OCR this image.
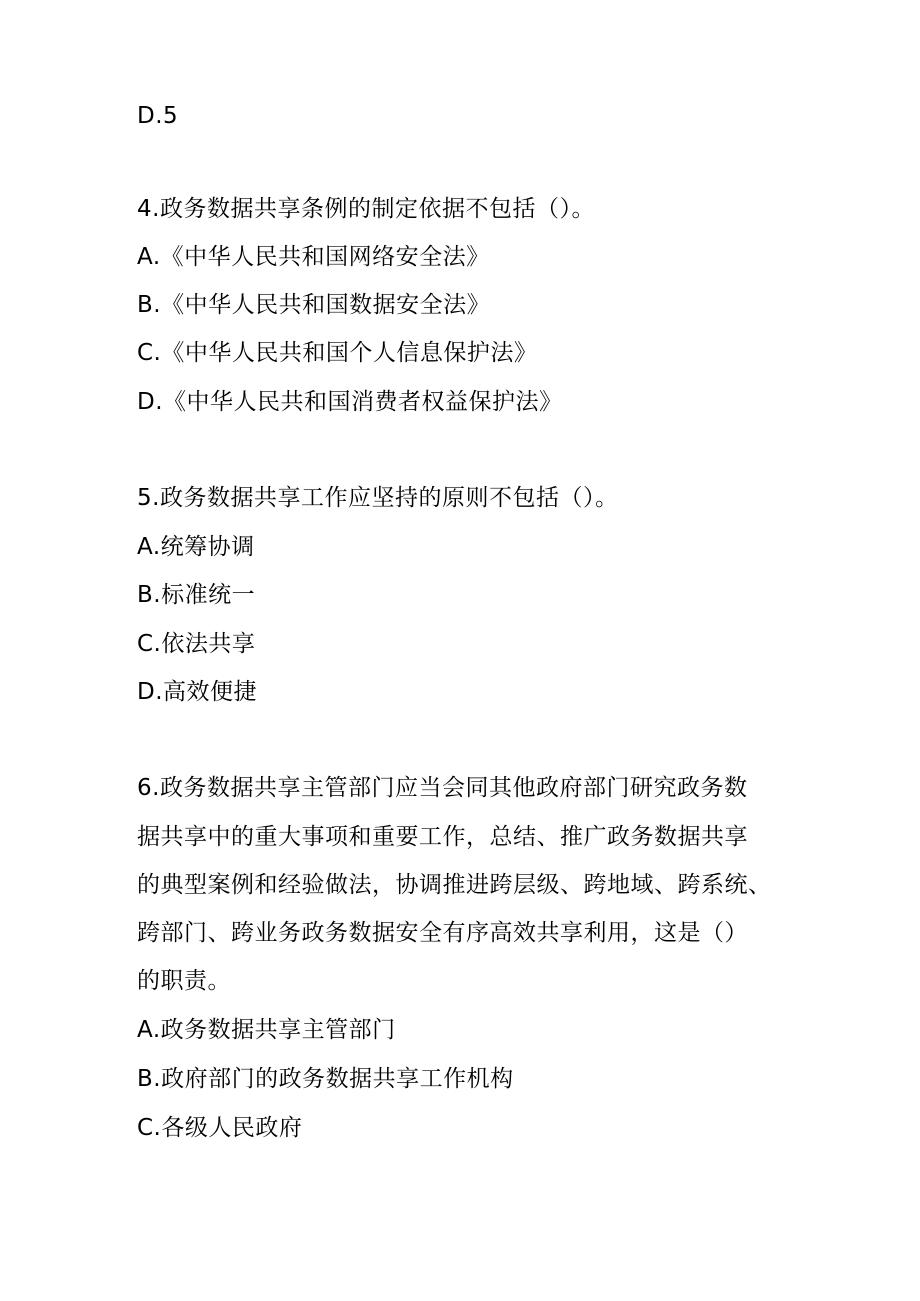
D.5
4.政务数据共享条例的制定依据不包括（）。
A.《中华人民共和国网络安全法》
B.《中华人民共和国数据安全法》
C.《中华人民共和国个人信息保护法》
D.《中华人民共和国消费者权益保护法》
5.政务数据共享工作应坚持的原则不包括（）。
A.统筹协调
B.标准统一
C.依法共享
D.高效便捷
6.政务数据共享主管部门应当会同其他政府部门研究政务数
据共享中的重大事项和重要工作，总结、推广政务数据共享
的典型案例和经验做法，协调推进跨层级、跨地域、跨系统、
跨部门、跨业务政务数据安全有序高效共享利用，这是（）
的职责。
A.政务数据共享主管部门
B.政府部门的政务数据共享工作机构
C.各级人民政府
